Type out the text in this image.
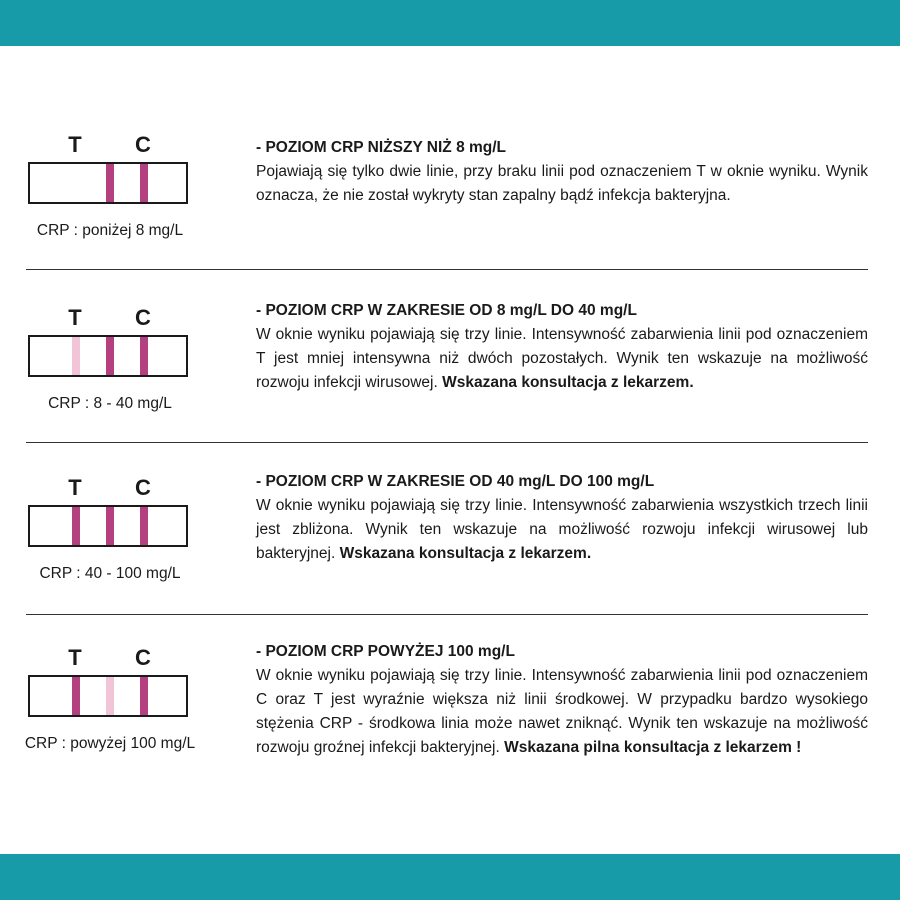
T	C
CRP : poniżej 8 mg/L
- POZIOM CRP NIŻSZY NIŻ 8 mg/L
Pojawiają się tylko dwie linie, przy braku linii pod oznaczeniem T w oknie wyniku. Wynik oznacza, że nie został wykryty stan zapalny bądź infekcja bakteryjna.
T	C
CRP : 8 - 40 mg/L
- POZIOM CRP W ZAKRESIE OD 8 mg/L DO 40 mg/L
W oknie wyniku pojawiają się trzy linie. Intensywność zabarwienia linii pod oznaczeniem T jest mniej intensywna niż dwóch pozostałych. Wynik ten wskazuje na możliwość rozwoju infekcji wirusowej. Wskazana konsultacja z lekarzem.
T	C
CRP : 40 - 100 mg/L
- POZIOM CRP W ZAKRESIE OD 40 mg/L DO 100 mg/L
W oknie wyniku pojawiają się trzy linie. Intensywność zabarwienia wszystkich trzech linii jest zbliżona. Wynik ten wskazuje na możliwość rozwoju infekcji wirusowej lub bakteryjnej. Wskazana konsultacja z lekarzem.
T	C
CRP : powyżej 100 mg/L
- POZIOM CRP POWYŻEJ 100 mg/L
W oknie wyniku pojawiają się trzy linie. Intensywność zabarwienia linii pod oznaczeniem C oraz T jest wyraźnie większa niż linii środkowej. W przypadku bardzo wysokiego stężenia CRP - środkowa linia może nawet zniknąć. Wynik ten wskazuje na możliwość rozwoju groźnej infekcji bakteryjnej. Wskazana pilna konsultacja z lekarzem !
